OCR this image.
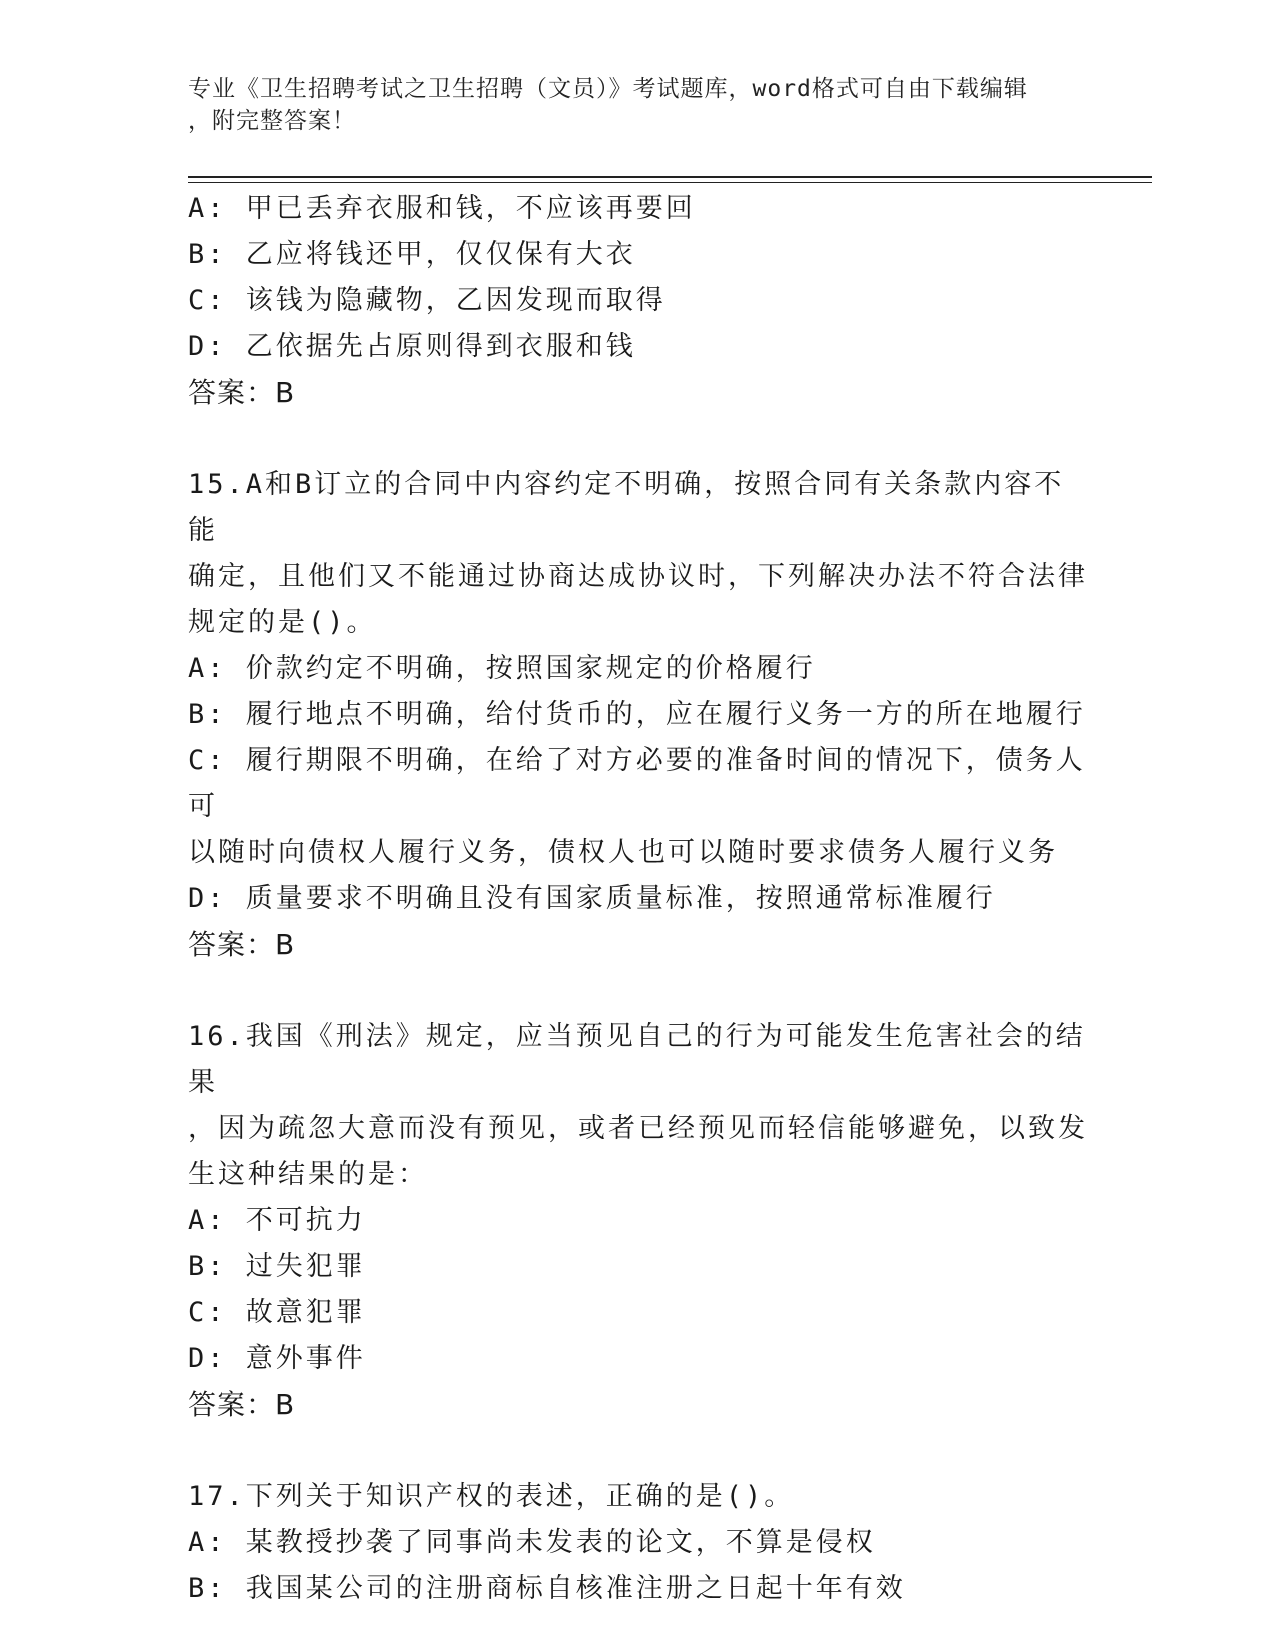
专业《卫生招聘考试之卫生招聘（文员）》考试题库，word格式可自由下载编辑
，附完整答案！
A: 甲已丢弃衣服和钱，不应该再要回
B: 乙应将钱还甲，仅仅保有大衣
C: 该钱为隐藏物，乙因发现而取得
D: 乙依据先占原则得到衣服和钱
答案：B
15.A和B订立的合同中内容约定不明确，按照合同有关条款内容不能
确定，且他们又不能通过协商达成协议时，下列解决办法不符合法律
规定的是()。
A: 价款约定不明确，按照国家规定的价格履行
B: 履行地点不明确，给付货币的，应在履行义务一方的所在地履行
C: 履行期限不明确，在给了对方必要的准备时间的情况下，债务人可
以随时向债权人履行义务，债权人也可以随时要求债务人履行义务
D: 质量要求不明确且没有国家质量标准，按照通常标准履行
答案：B
16.我国《刑法》规定，应当预见自己的行为可能发生危害社会的结果
，因为疏忽大意而没有预见，或者已经预见而轻信能够避免，以致发
生这种结果的是：
A: 不可抗力
B: 过失犯罪
C: 故意犯罪
D: 意外事件
答案：B
17.下列关于知识产权的表述，正确的是()。
A: 某教授抄袭了同事尚未发表的论文，不算是侵权
B: 我国某公司的注册商标自核准注册之日起十年有效
